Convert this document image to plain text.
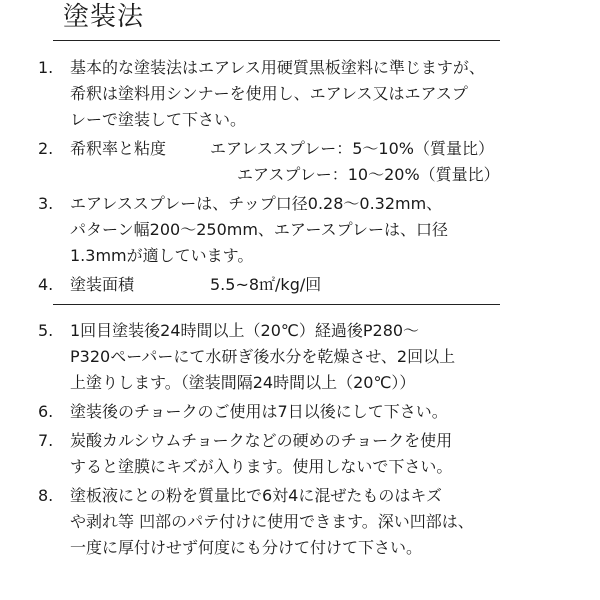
塗装法
1.	基本的な塗装法はエアレス用硬質黒板塗料に準じますが、
希釈は塗料用シンナーを使用し、エアレス又はエアスプ
レーで塗装して下さい。
2.	希釈率と粘度	エアレススプレー：5〜10%（質量比）
エアスプレー：10〜20%（質量比）
3.	エアレススプレーは、チップ口径0.28〜0.32mm、
パターン幅200〜250mm、エアースプレーは、口径
1.3mmが適しています。
4.	塗装面積	5.5~8㎡/kg/回
5.	1回目塗装後24時間以上（20℃）経過後P280〜
P320ペーパーにて水研ぎ後水分を乾燥させ、2回以上
上塗りします。（塗装間隔24時間以上（20℃））
6.	塗装後のチョークのご使用は7日以後にして下さい。
7.	炭酸カルシウムチョークなどの硬めのチョークを使用
すると塗膜にキズが入ります。使用しないで下さい。
8.	塗板液にとの粉を質量比で6対4に混ぜたものはキズ
や剥れ等 凹部のパテ付けに使用できます。深い凹部は、
一度に厚付けせず何度にも分けて付けて下さい。
